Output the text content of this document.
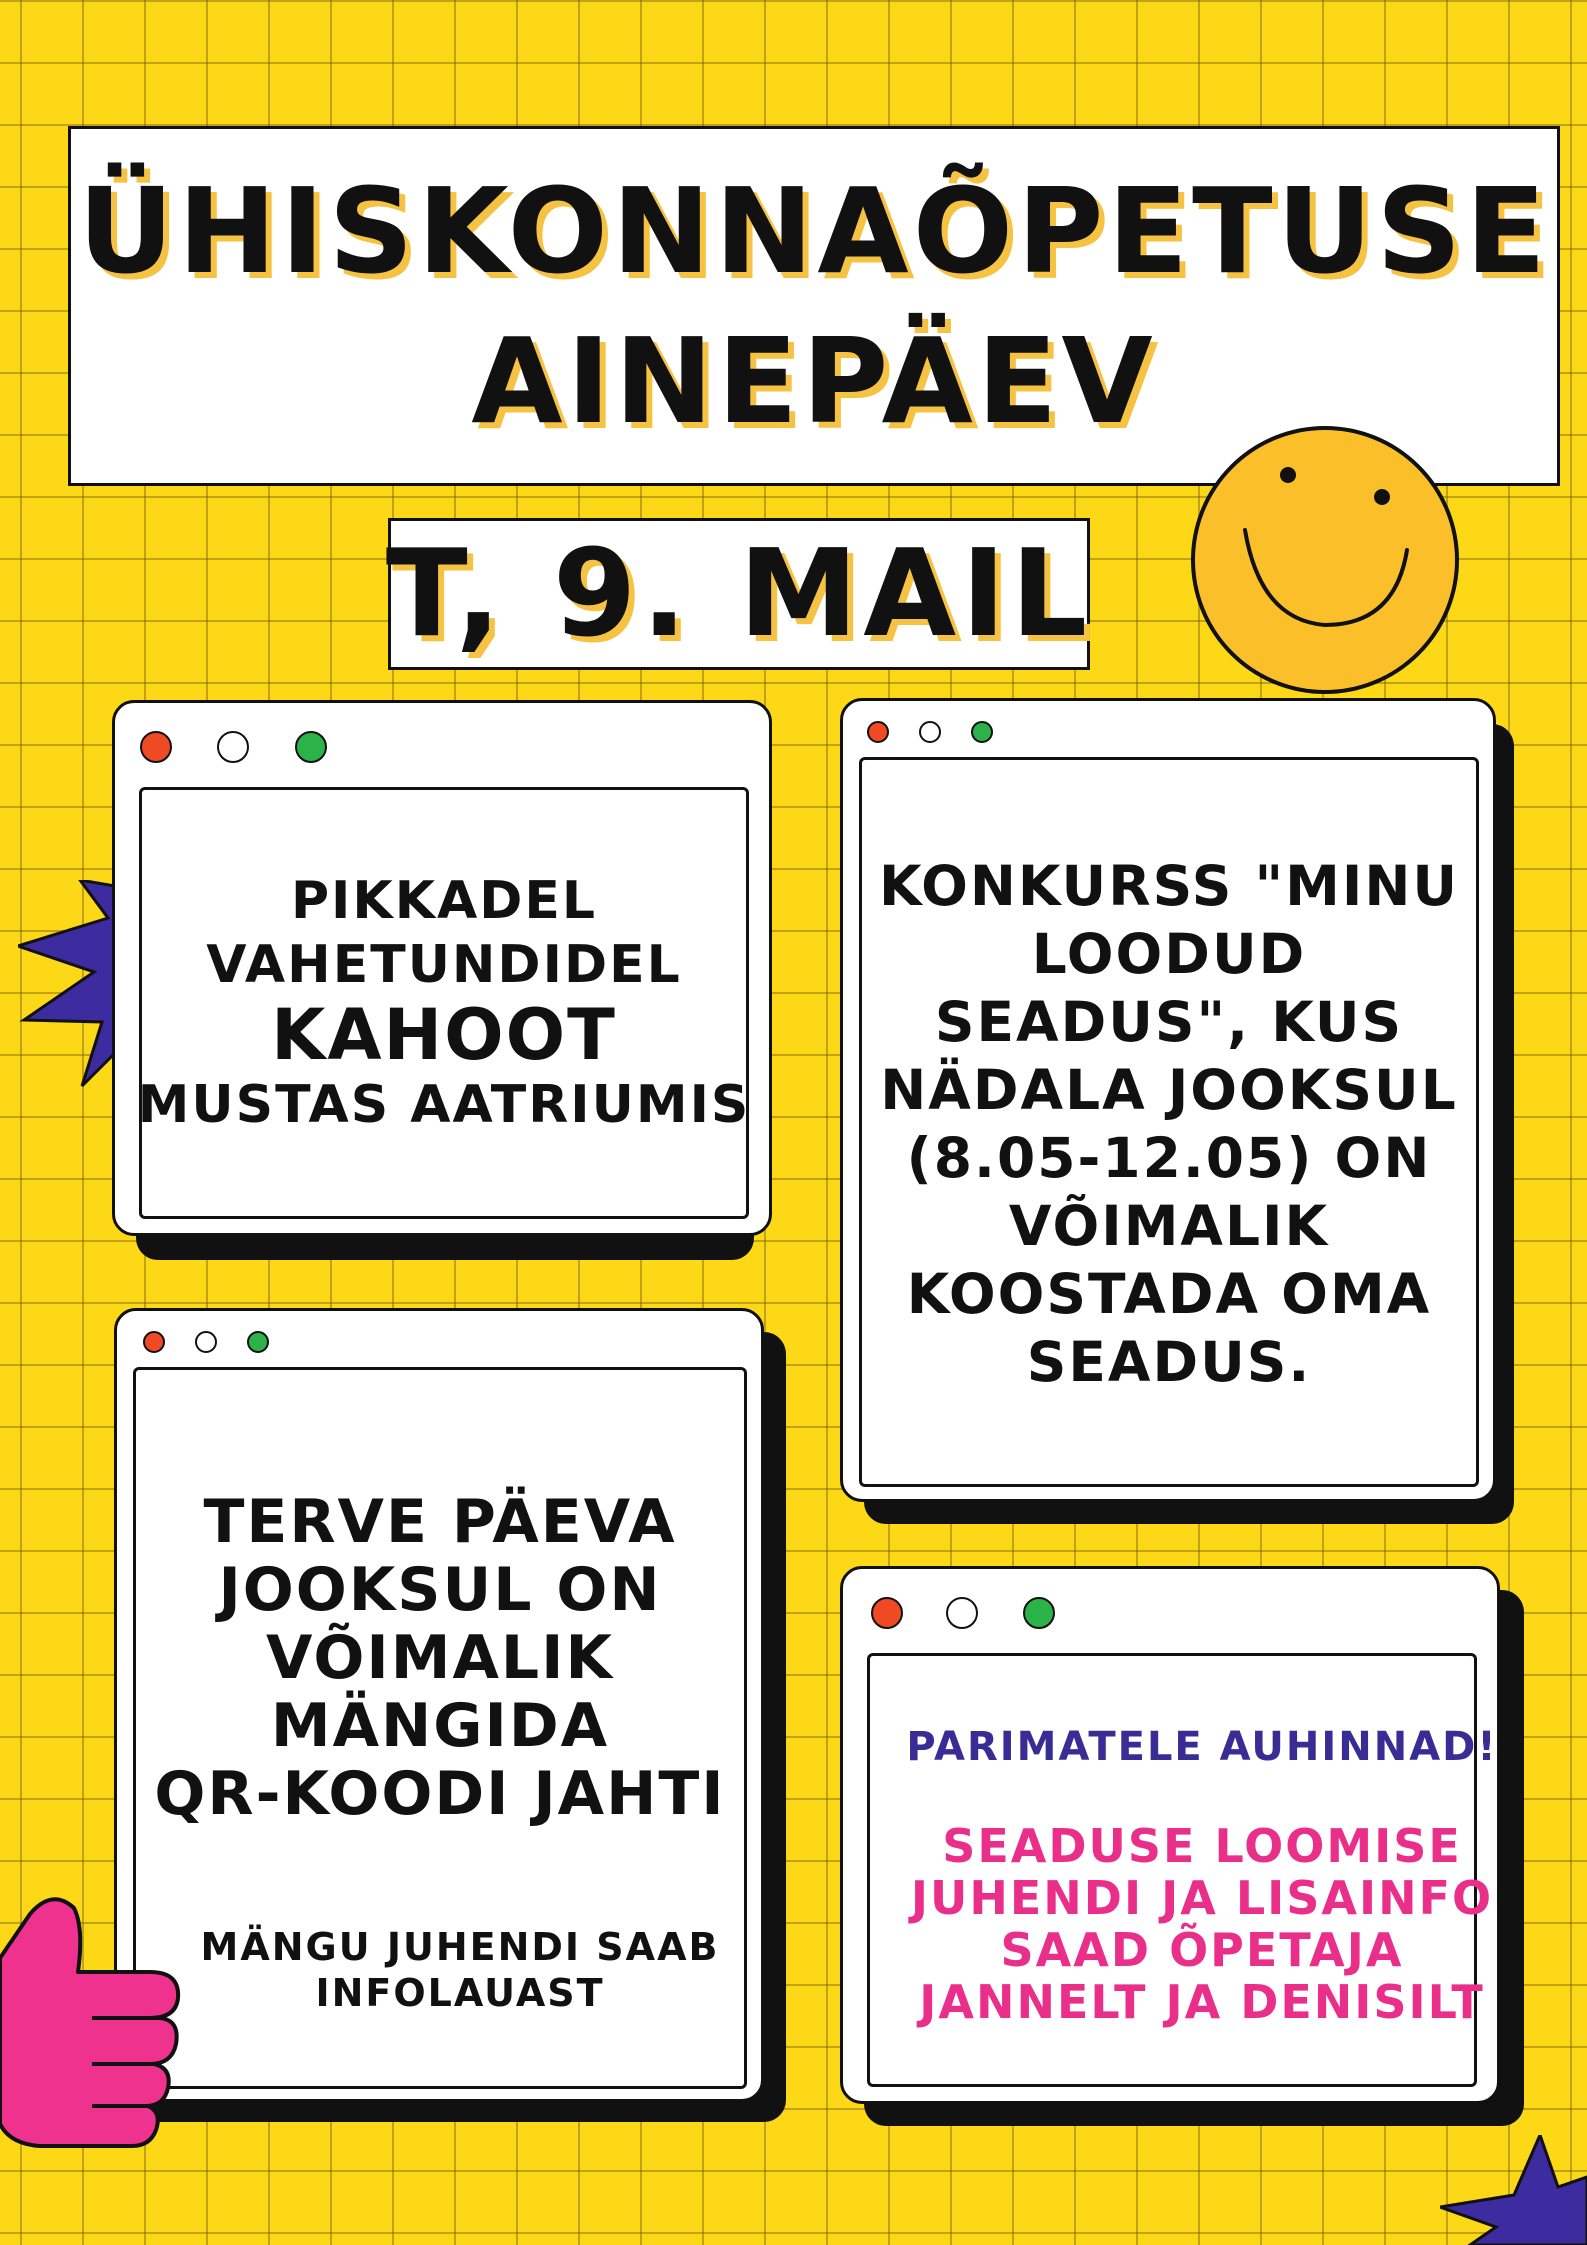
ÜHISKONNAÕPETUSE
AINEPÄEV
T, 9. MAIL
PIKKADEL
VAHETUNDIDEL
KAHOOT
MUSTAS AATRIUMIS
KONKURSS "MINU
LOODUD
SEADUS", KUS
NÄDALA JOOKSUL
(8.05-12.05) ON
VÕIMALIK
KOOSTADA OMA
SEADUS.
TERVE PÄEVA
JOOKSUL ON
VÕIMALIK
MÄNGIDA
QR-KOODI JAHTI
MÄNGU JUHENDI SAAB
INFOLAUAST
PARIMATELE AUHINNAD!
SEADUSE LOOMISE
JUHENDI JA LISAINFO
SAAD ÕPETAJA
JANNELT JA DENISILT
